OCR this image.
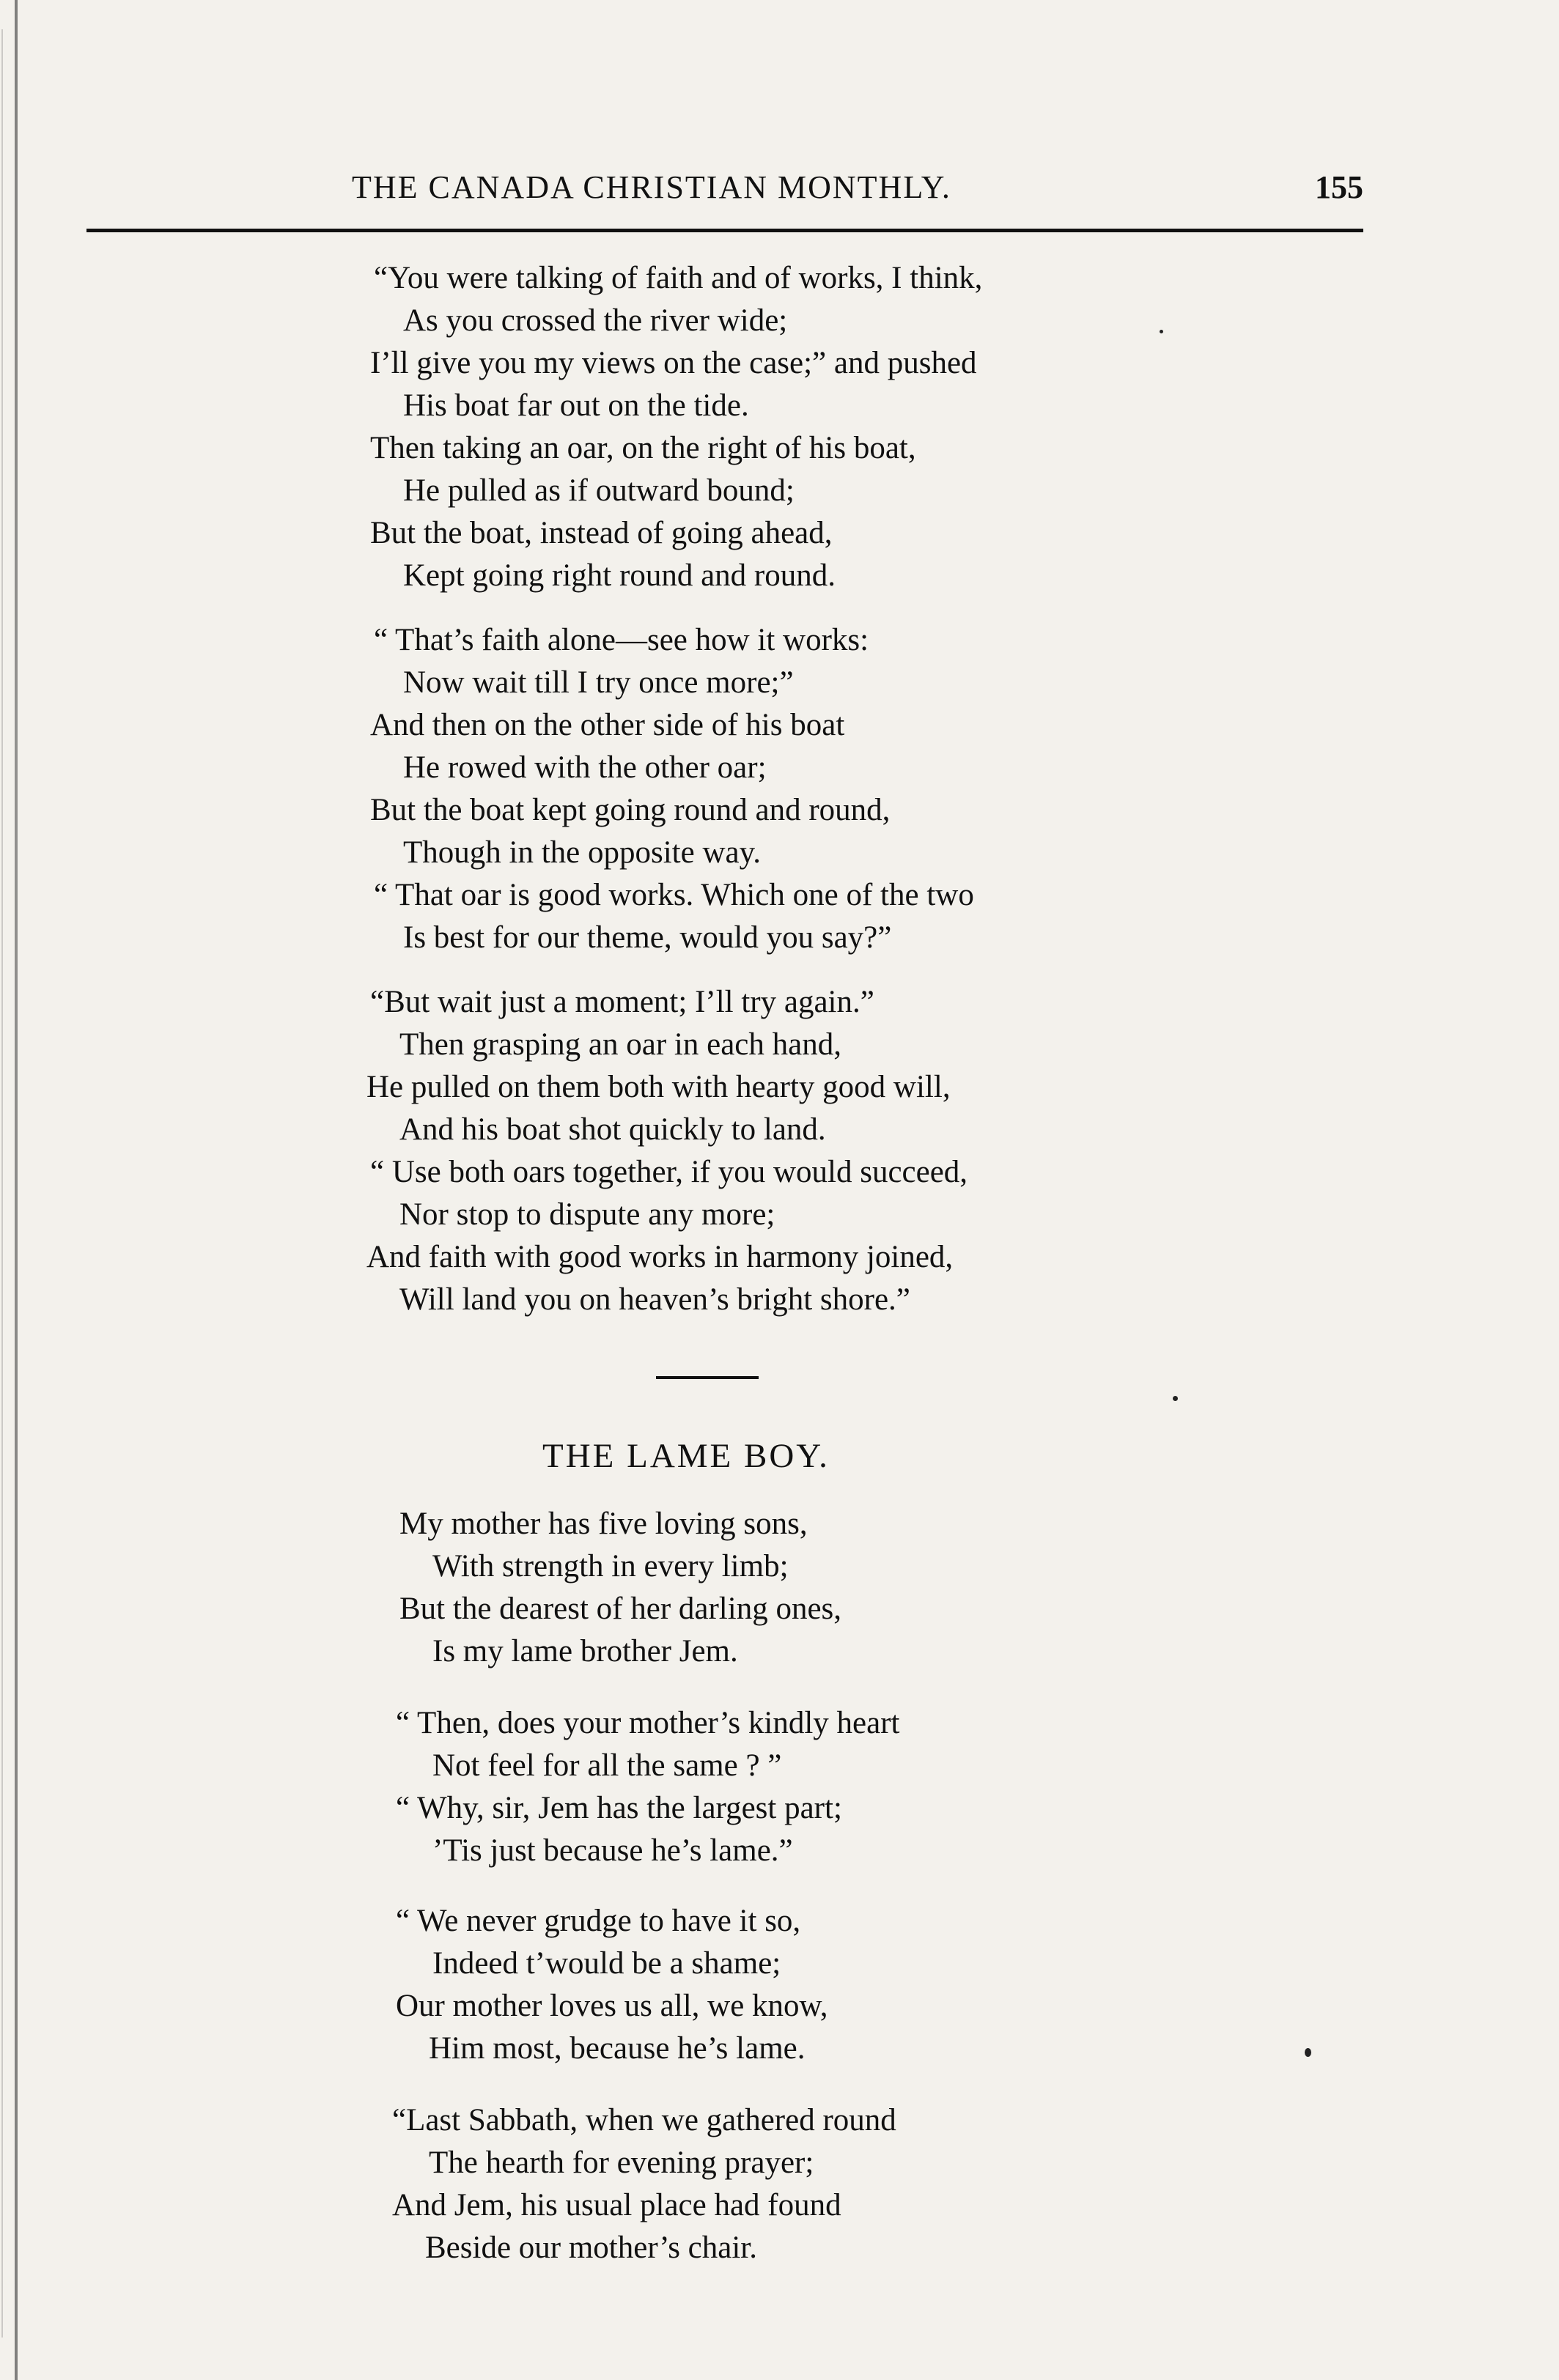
THE CANADA CHRISTIAN MONTHLY.	155
“You were talking of faith and of works, I think,
As you crossed the river wide;
I’ll give you my views on the case;” and pushed
His boat far out on the tide.
Then taking an oar, on the right of his boat,
He pulled as if outward bound;
But the boat, instead of going ahead,
Kept going right round and round.
“ That’s faith alone—see how it works:
Now wait till I try once more;”
And then on the other side of his boat
He rowed with the other oar;
But the boat kept going round and round,
Though in the opposite way.
“ That oar is good works. Which one of the two
Is best for our theme, would you say?”
“But wait just a moment; I’ll try again.”
Then grasping an oar in each hand,
He pulled on them both with hearty good will,
And his boat shot quickly to land.
“ Use both oars together, if you would succeed,
Nor stop to dispute any more;
And faith with good works in harmony joined,
Will land you on heaven’s bright shore.”
THE LAME BOY.
My mother has five loving sons,
With strength in every limb;
But the dearest of her darling ones,
Is my lame brother Jem.
“ Then, does your mother’s kindly heart
Not feel for all the same ? ”
“ Why, sir, Jem has the largest part;
’Tis just because he’s lame.”
“ We never grudge to have it so,
Indeed t’would be a shame;
Our mother loves us all, we know,
Him most, because he’s lame.
“Last Sabbath, when we gathered round
The hearth for evening prayer;
And Jem, his usual place had found
Beside our mother’s chair.
